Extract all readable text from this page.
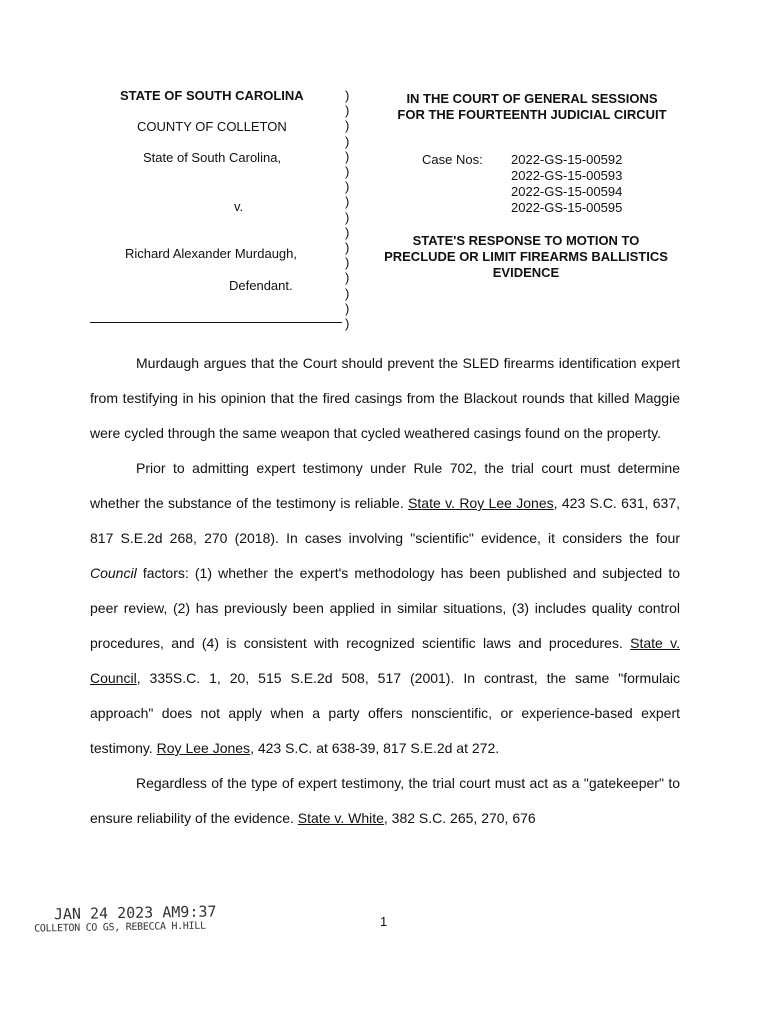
STATE OF SOUTH CAROLINA
COUNTY OF COLLETON
State of South Carolina,
v.
Richard Alexander Murdaugh,
Defendant.
)
)
)
)
)
)
)
)
)
)
)
)
)
)
)
)
IN THE COURT OF GENERAL SESSIONS
FOR THE FOURTEENTH JUDICIAL CIRCUIT
Case Nos: 2022-GS-15-00592
2022-GS-15-00593
2022-GS-15-00594
2022-GS-15-00595
STATE'S RESPONSE TO MOTION TO
PRECLUDE OR LIMIT FIREARMS BALLISTICS
EVIDENCE

Murdaugh argues that the Court should prevent the SLED firearms identification expert from testifying in his opinion that the fired casings from the Blackout rounds that killed Maggie were cycled through the same weapon that cycled weathered casings found on the property.

Prior to admitting expert testimony under Rule 702, the trial court must determine whether the substance of the testimony is reliable. State v. Roy Lee Jones, 423 S.C. 631, 637, 817 S.E.2d 268, 270 (2018). In cases involving "scientific" evidence, it considers the four Council factors: (1) whether the expert's methodology has been published and subjected to peer review, (2) has previously been applied in similar situations, (3) includes quality control procedures, and (4) is consistent with recognized scientific laws and procedures. State v. Council, 335S.C. 1, 20, 515 S.E.2d 508, 517 (2001). In contrast, the same "formulaic approach" does not apply when a party offers nonscientific, or experience-based expert testimony. Roy Lee Jones, 423 S.C. at 638-39, 817 S.E.2d at 272.

Regardless of the type of expert testimony, the trial court must act as a "gatekeeper" to ensure reliability of the evidence. State v. White, 382 S.C. 265, 270, 676

JAN 24 2023 AM9:37
COLLETON CO GS, REBECCA H.HILL	1
